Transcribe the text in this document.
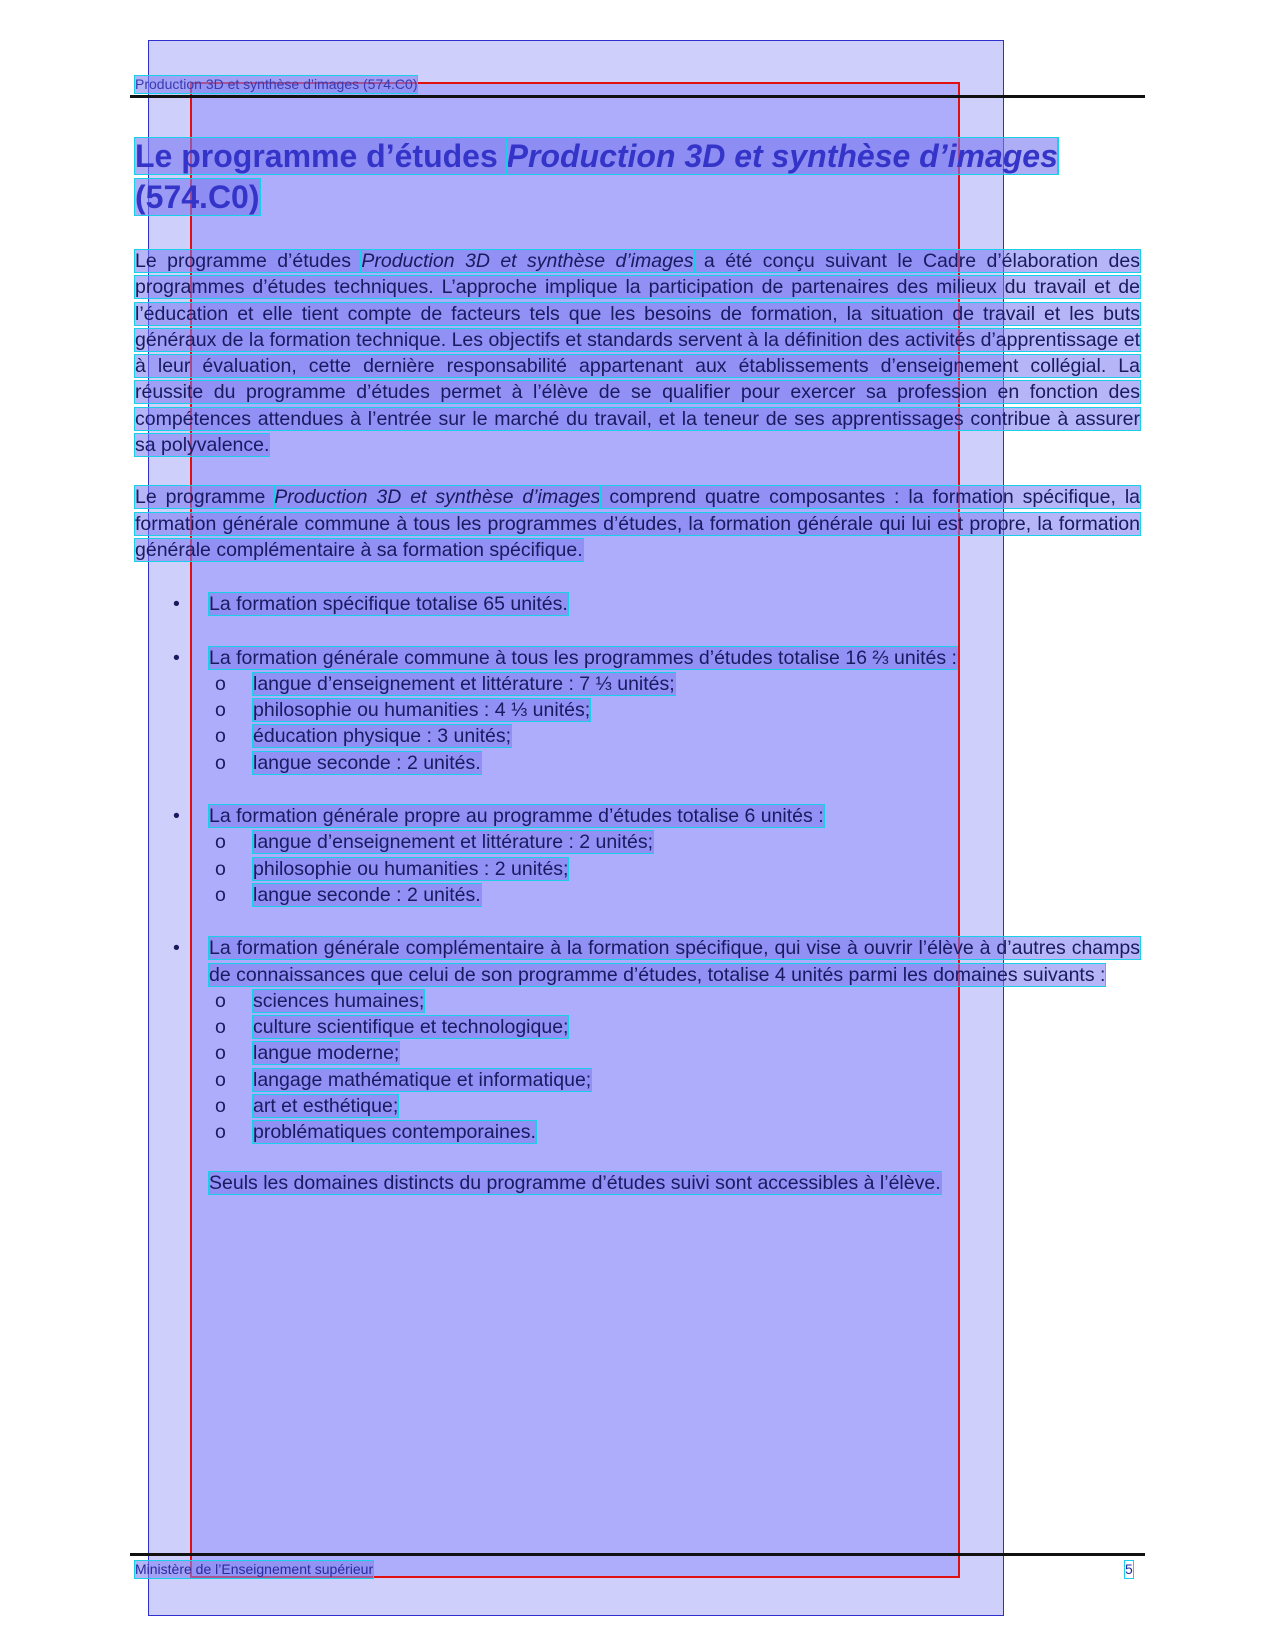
Production 3D et synthèse d’images (574.C0)
Le programme d’études Production 3D et synthèse d’images (574.C0)

Le programme d’études Production 3D et synthèse d’images a été conçu suivant le Cadre d’élaboration des programmes d’études techniques. L’approche implique la participation de partenaires des milieux du travail et de l’éducation et elle tient compte de facteurs tels que les besoins de formation, la situation de travail et les buts généraux de la formation technique. Les objectifs et standards servent à la définition des activités d’apprentissage et à leur évaluation, cette dernière responsabilité appartenant aux établissements d’enseignement collégial. La réussite du programme d’études permet à l’élève de se qualifier pour exercer sa profession en fonction des compétences attendues à l’entrée sur le marché du travail, et la teneur de ses apprentissages contribue à assurer sa polyvalence.

Le programme Production 3D et synthèse d’images comprend quatre composantes : la formation spécifique, la formation générale commune à tous les programmes d’études, la formation générale qui lui est propre, la formation générale complémentaire à sa formation spécifique.

• La formation spécifique totalise 65 unités.
• La formation générale commune à tous les programmes d’études totalise 16 ⅔ unités :
o langue d’enseignement et littérature : 7 ⅓ unités;
o philosophie ou humanities : 4 ⅓ unités;
o éducation physique : 3 unités;
o langue seconde : 2 unités.
• La formation générale propre au programme d’études totalise 6 unités :
o langue d’enseignement et littérature : 2 unités;
o philosophie ou humanities : 2 unités;
o langue seconde : 2 unités.
• La formation générale complémentaire à la formation spécifique, qui vise à ouvrir l’élève à d’autres champs de connaissances que celui de son programme d’études, totalise 4 unités parmi les domaines suivants :
o sciences humaines;
o culture scientifique et technologique;
o langue moderne;
o langage mathématique et informatique;
o art et esthétique;
o problématiques contemporaines.
Seuls les domaines distincts du programme d’études suivi sont accessibles à l’élève.
Ministère de l’Enseignement supérieur	5
